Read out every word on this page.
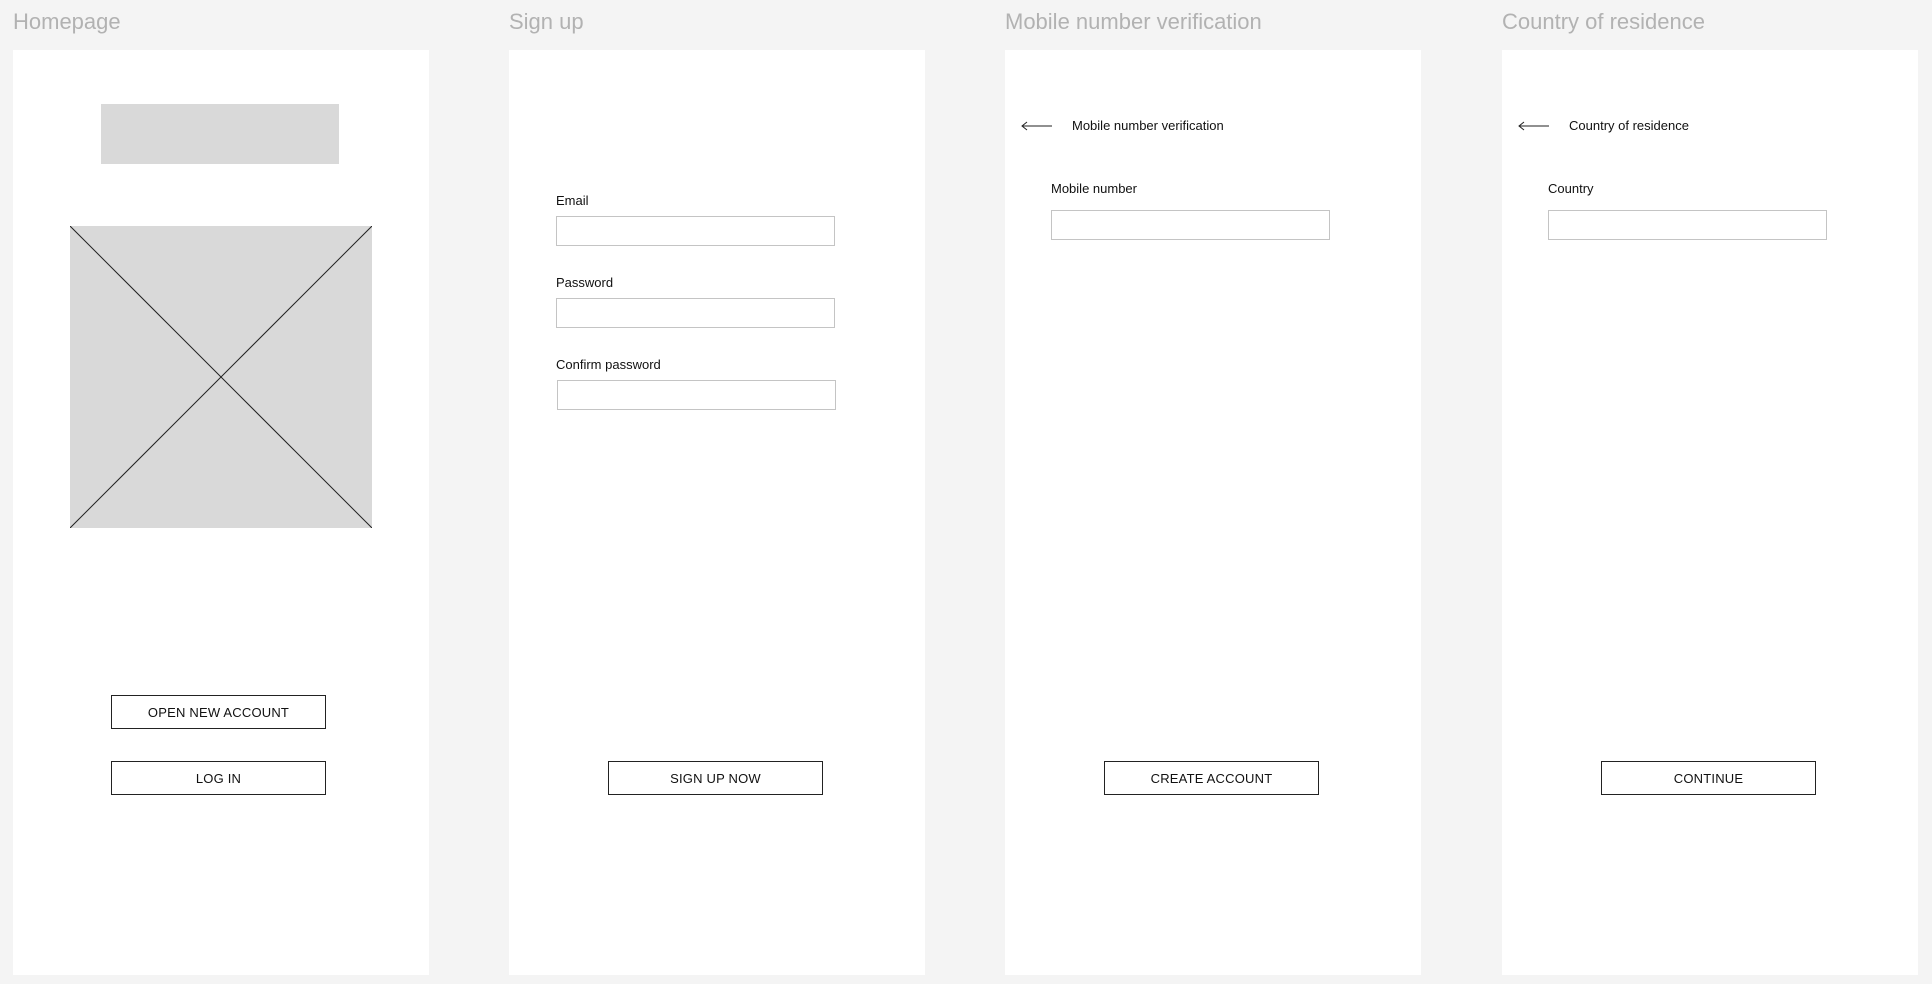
Homepage	Sign up	Mobile number verification	Country of residence
OPEN NEW ACCOUNT
LOG IN
Email
Password
Confirm password
SIGN UP NOW
Mobile number verification
Mobile number
CREATE ACCOUNT
Country of residence
Country
CONTINUE
